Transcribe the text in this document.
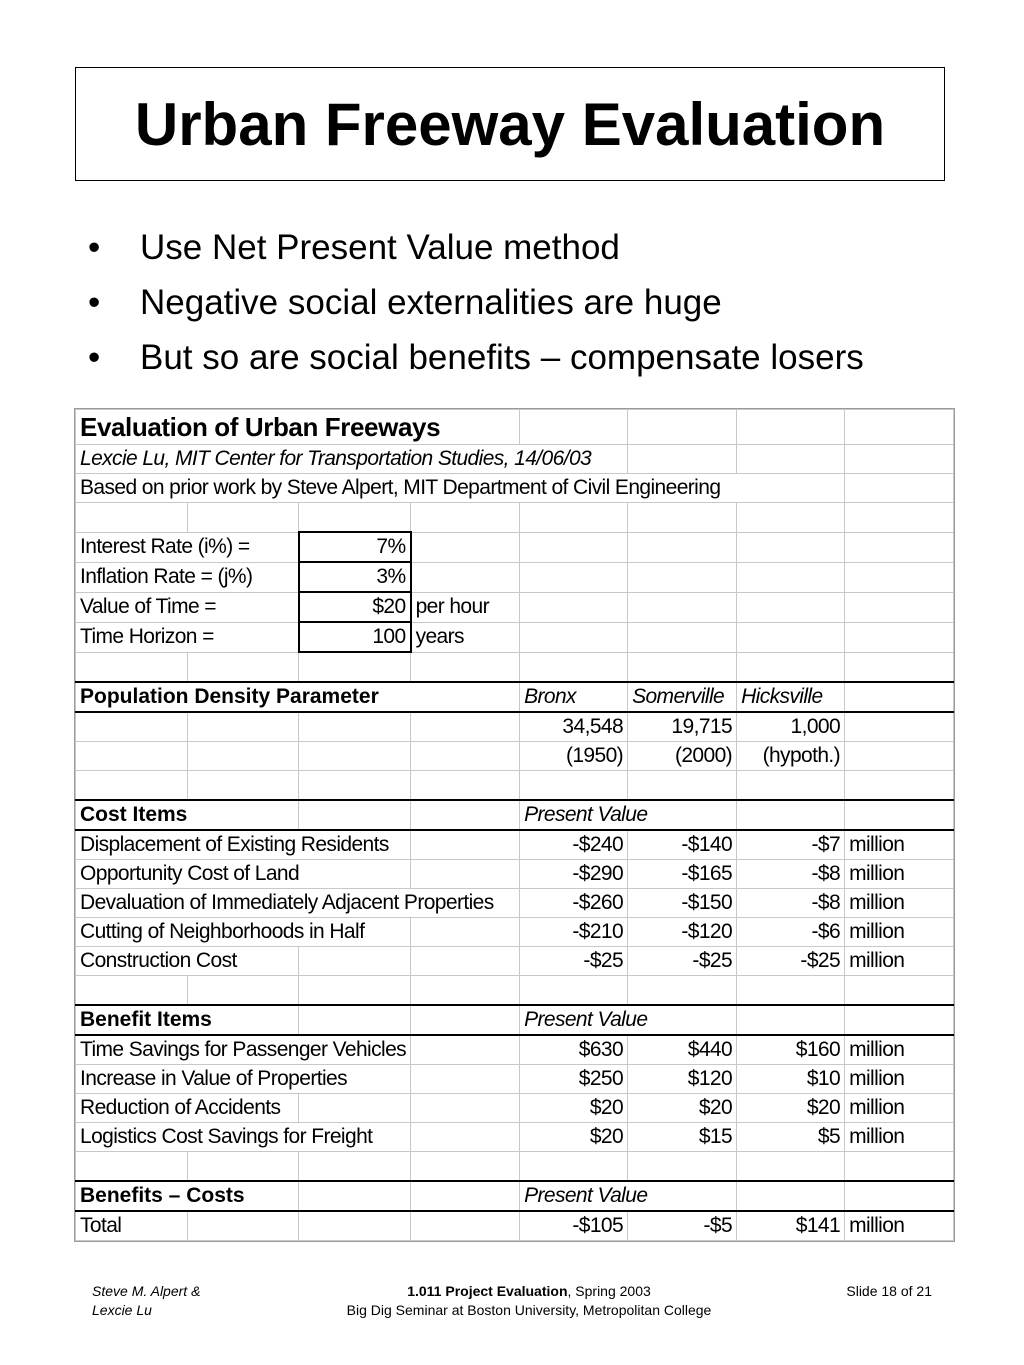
Urban Freeway Evaluation
•	Use Net Present Value method
•	Negative social externalities are huge
•	But so are social benefits – compensate losers
Evaluation of Urban Freeways							
Lexcie Lu, MIT Center for Transportation Studies, 14/06/03							
Based on prior work by Steve Alpert, MIT Department of Civil Engineering							

Interest Rate (i%) =		7%					
Inflation Rate = (j%)		3%					
Value of Time =		$20	per hour				
Time Horizon =		100	years				

Population Density Parameter				Bronx	Somerville	Hicksville	
				34,548	19,715	1,000	
				(1950)	(2000)	(hypoth.)	

Cost Items				Present Value			
Displacement of Existing Residents				-$240	-$140	-$7	million
Opportunity Cost of Land				-$290	-$165	-$8	million
Devaluation of Immediately Adjacent Properties				-$260	-$150	-$8	million
Cutting of Neighborhoods in Half				-$210	-$120	-$6	million
Construction Cost				-$25	-$25	-$25	million

Benefit Items				Present Value			
Time Savings for Passenger Vehicles				$630	$440	$160	million
Increase in Value of Properties				$250	$120	$10	million
Reduction of Accidents				$20	$20	$20	million
Logistics Cost Savings for Freight				$20	$15	$5	million

Benefits – Costs				Present Value			
Total				-$105	-$5	$141	million
Steve M. Alpert &
Lexcie Lu
1.011 Project Evaluation, Spring 2003
Big Dig Seminar at Boston University, Metropolitan College
Slide 18 of 21
